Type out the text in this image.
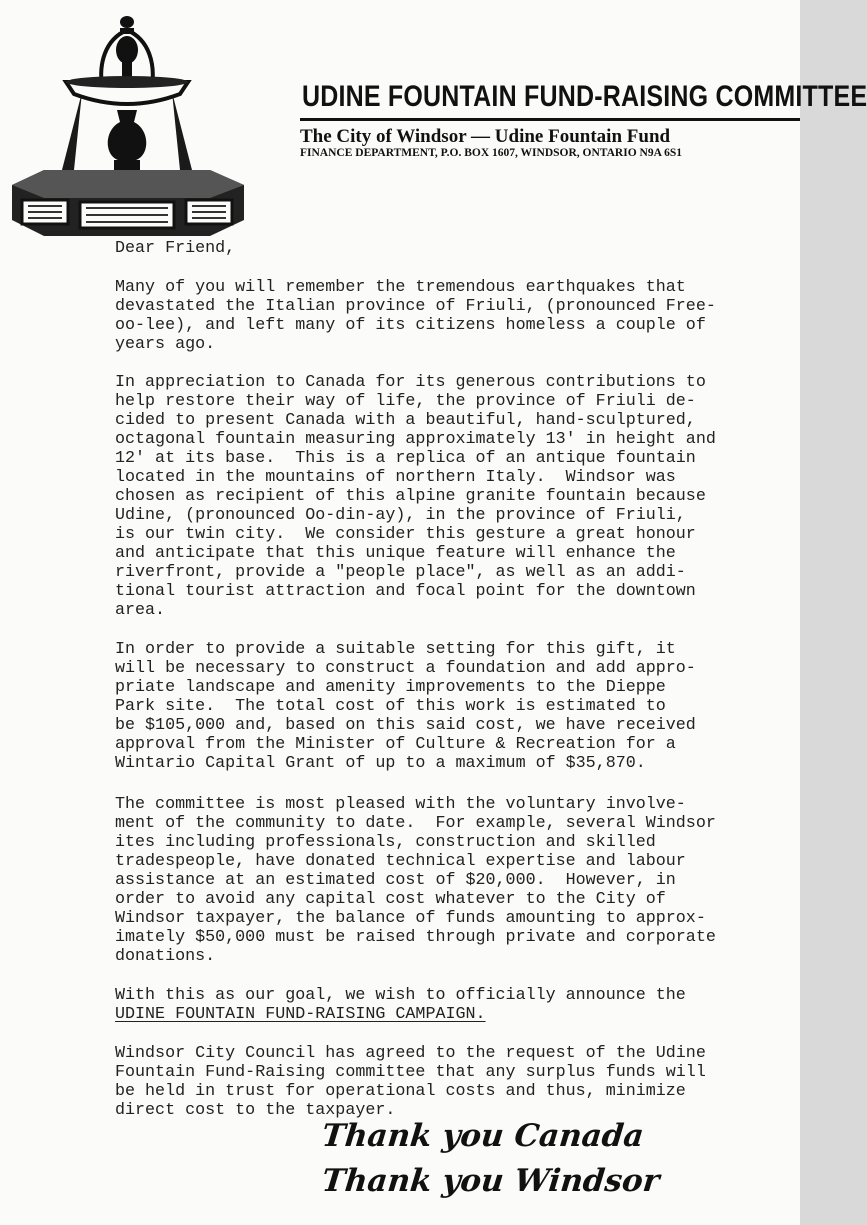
UDINE FOUNTAIN FUND-RAISING COMMITTEE
The City of Windsor — Udine Fountain Fund
FINANCE DEPARTMENT, P.O. BOX 1607, WINDSOR, ONTARIO N9A 6S1
Dear Friend,
Many of you will remember the tremendous earthquakes that
devastated the Italian province of Friuli, (pronounced Free-
oo-lee), and left many of its citizens homeless a couple of
years ago.
In appreciation to Canada for its generous contributions to
help restore their way of life, the province of Friuli de-
cided to present Canada with a beautiful, hand-sculptured,
octagonal fountain measuring approximately 13' in height and
12' at its base.  This is a replica of an antique fountain
located in the mountains of northern Italy.  Windsor was
chosen as recipient of this alpine granite fountain because
Udine, (pronounced Oo-din-ay), in the province of Friuli,
is our twin city.  We consider this gesture a great honour
and anticipate that this unique feature will enhance the
riverfront, provide a "people place", as well as an addi-
tional tourist attraction and focal point for the downtown
area.
In order to provide a suitable setting for this gift, it
will be necessary to construct a foundation and add appro-
priate landscape and amenity improvements to the Dieppe
Park site.  The total cost of this work is estimated to
be $105,000 and, based on this said cost, we have received
approval from the Minister of Culture & Recreation for a
Wintario Capital Grant of up to a maximum of $35,870.
The committee is most pleased with the voluntary involve-
ment of the community to date.  For example, several Windsor
ites including professionals, construction and skilled
tradespeople, have donated technical expertise and labour
assistance at an estimated cost of $20,000.  However, in
order to avoid any capital cost whatever to the City of
Windsor taxpayer, the balance of funds amounting to approx-
imately $50,000 must be raised through private and corporate
donations.
With this as our goal, we wish to officially announce the
UDINE FOUNTAIN FUND-RAISING CAMPAIGN.
Windsor City Council has agreed to the request of the Udine
Fountain Fund-Raising committee that any surplus funds will
be held in trust for operational costs and thus, minimize
direct cost to the taxpayer.
Thank you Canada
Thank you Windsor
